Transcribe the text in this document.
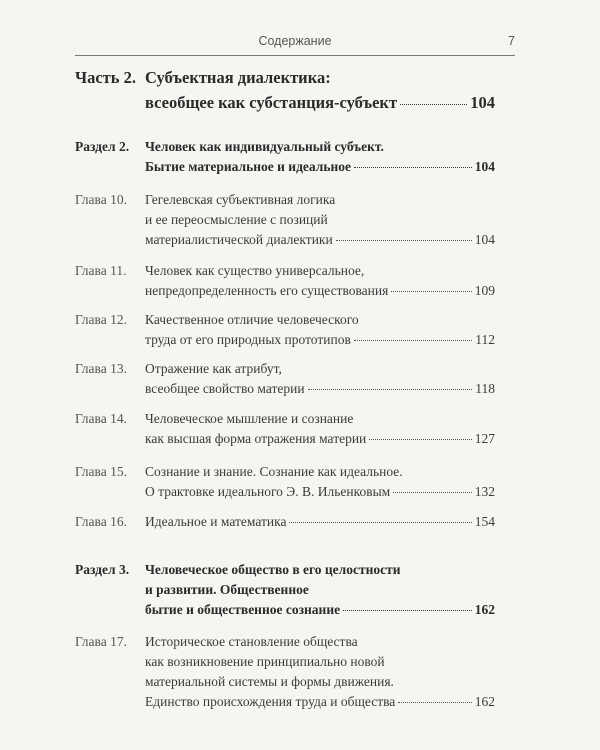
Содержание	7
Часть 2. Субъектная диалектика:
всеобщее как субстанция-субъект	104
Раздел 2. Человек как индивидуальный субъект.
Бытие материальное и идеальное	104
Глава 10. Гегелевская субъективная логика
и ее переосмысление с позиций
материалистической диалектики	104
Глава 11. Человек как существо универсальное,
непредопределенность его существования	109
Глава 12. Качественное отличие человеческого
труда от его природных прототипов	112
Глава 13. Отражение как атрибут,
всеобщее свойство материи	118
Глава 14. Человеческое мышление и сознание
как высшая форма отражения материи	127
Глава 15. Сознание и знание. Сознание как идеальное.
О трактовке идеального Э. В. Ильенковым	132
Глава 16. Идеальное и математика	154
Раздел 3. Человеческое общество в его целостности
и развитии. Общественное
бытие и общественное сознание	162
Глава 17. Историческое становление общества
как возникновение принципиально новой
материальной системы и формы движения.
Единство происхождения труда и общества	162
